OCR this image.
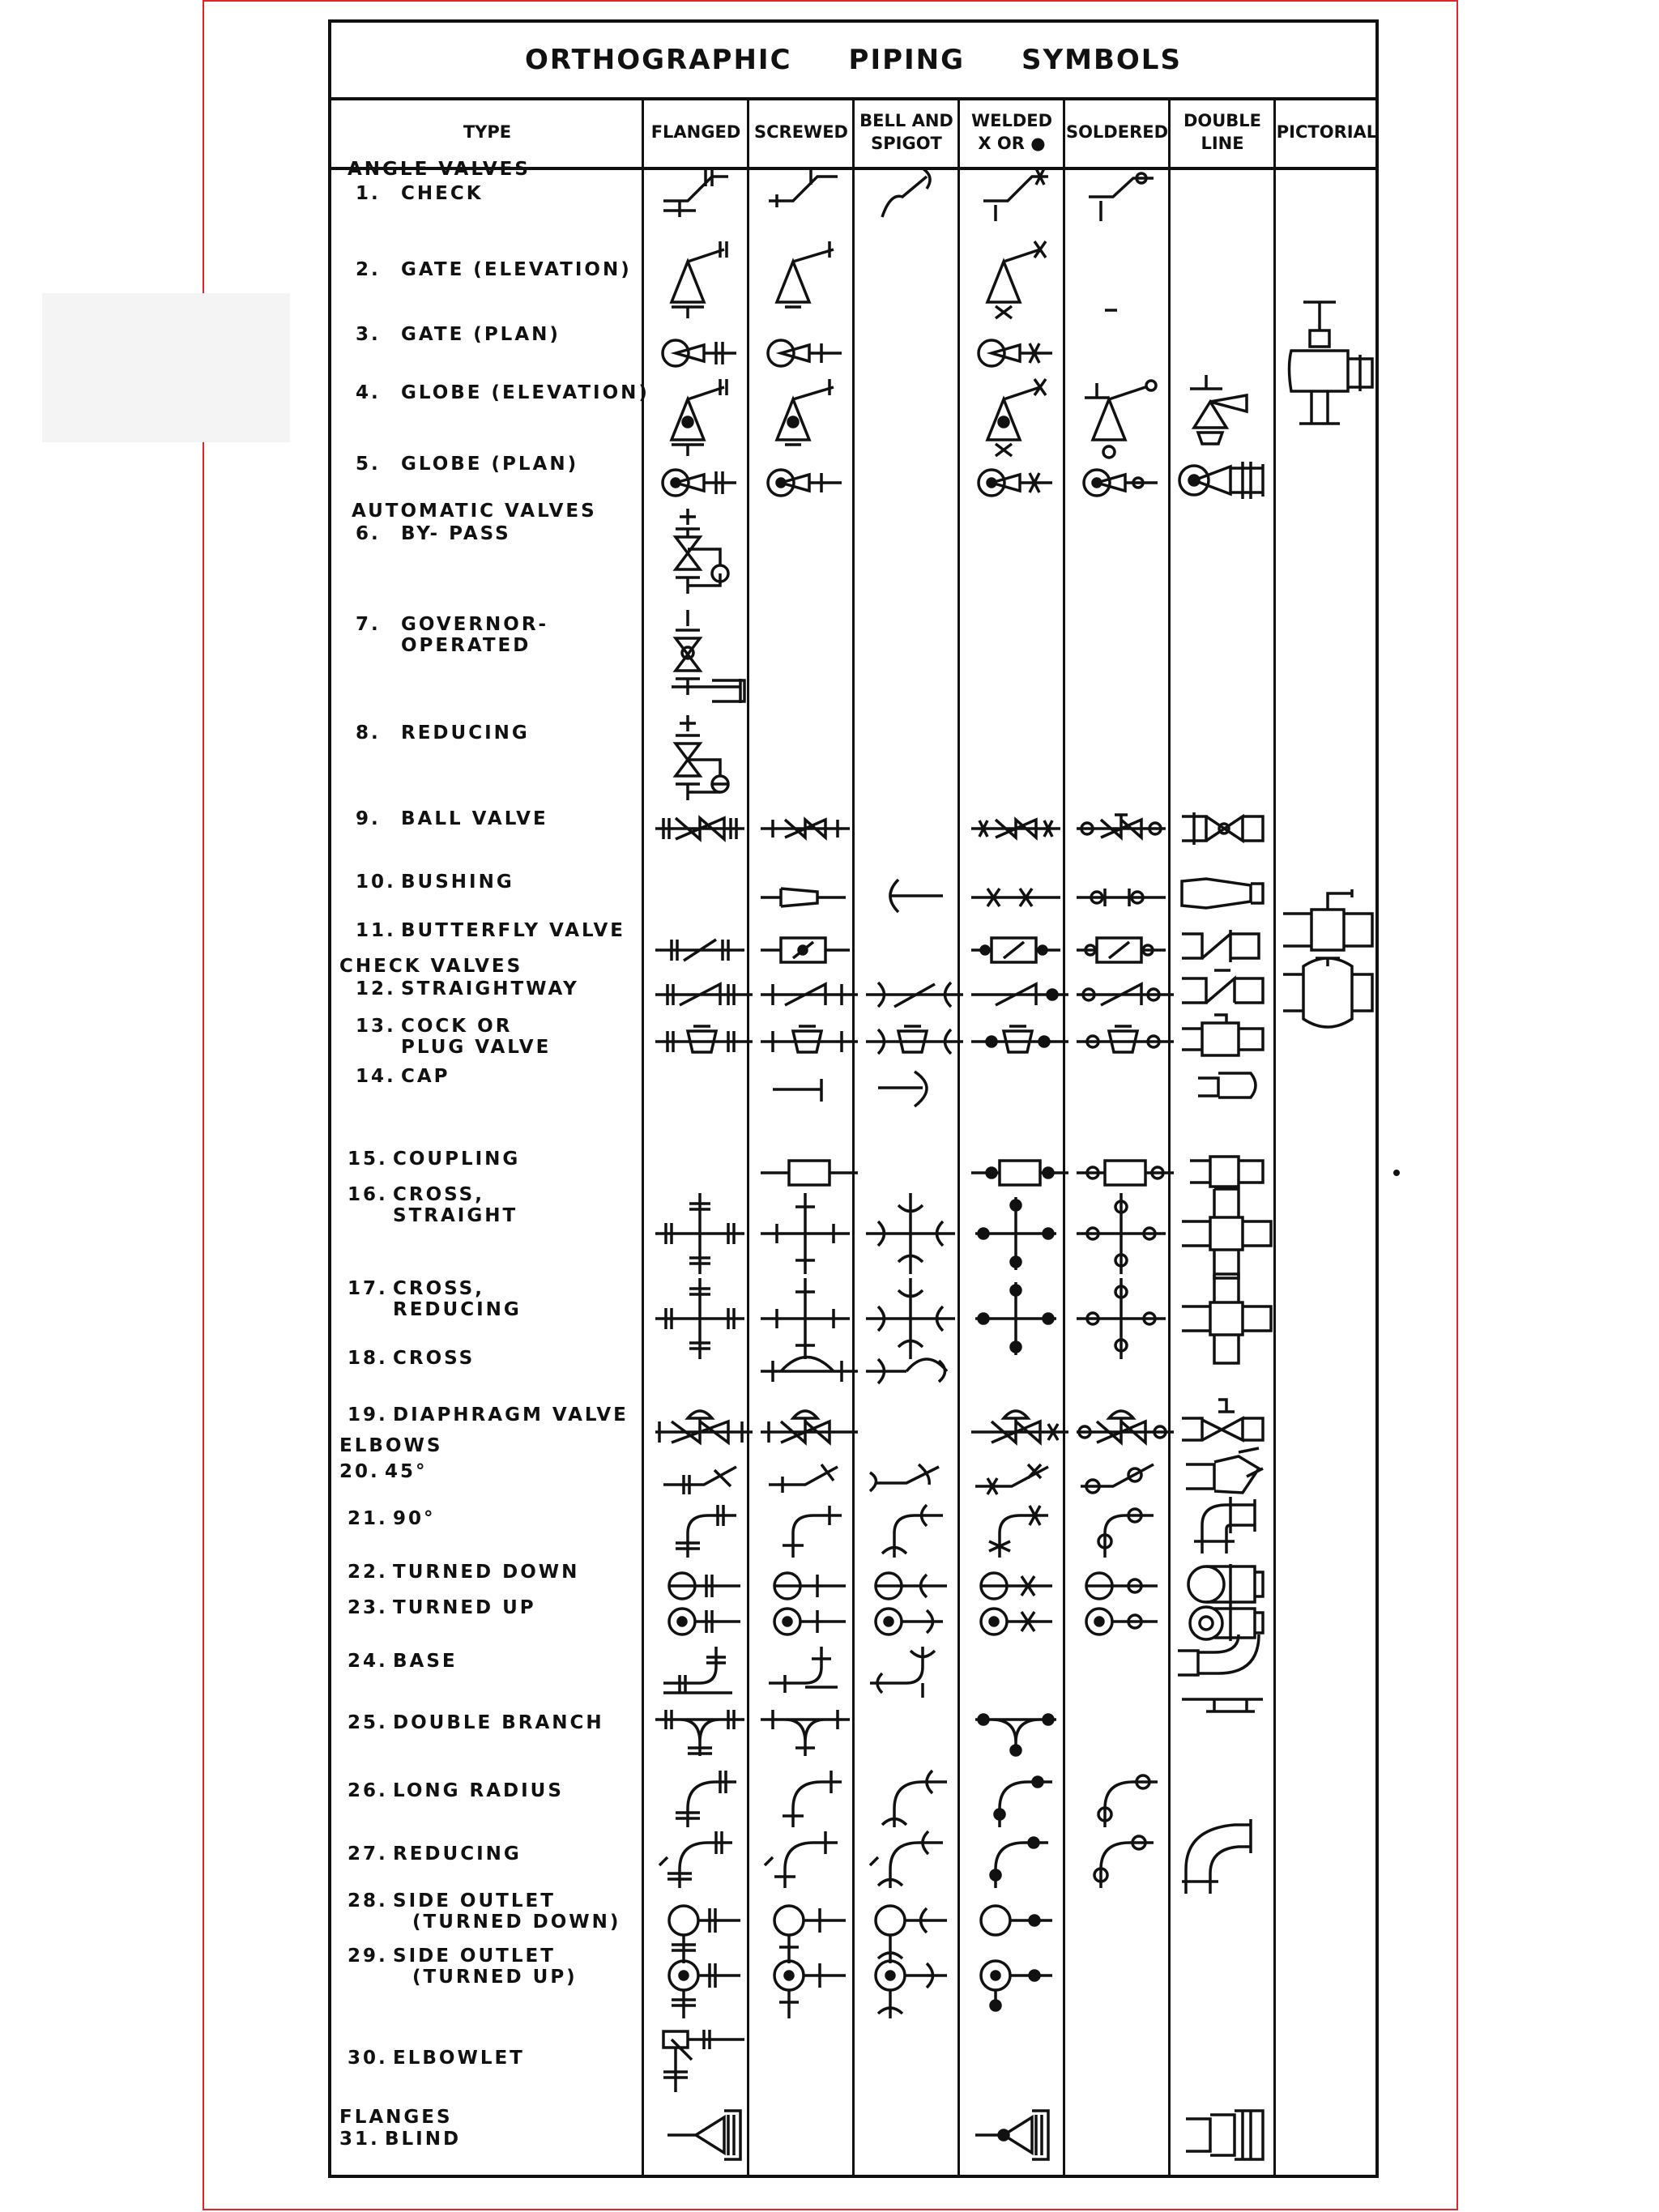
ORTHOGRAPHIC PIPING SYMBOLS
TYPE	FLANGED SCREWED
BELL AND
SPIGOT
WELDED
X OR ●
SOLDERED
DOUBLE
LINE
PICTORIAL
ANGLE VALVES
AUTOMATIC VALVES
CHECK VALVES
ELBOWS
FLANGES
1. CHECK
2. GATE (ELEVATION)
3. GATE (PLAN)
4. GLOBE (ELEVATION)
5. GLOBE (PLAN)
6. BY- PASS
7. GOVERNOR-
OPERATED
8. REDUCING
9. BALL VALVE
10. BUSHING
11. BUTTERFLY VALVE
12. STRAIGHTWAY
13. COCK OR
PLUG VALVE
14. CAP
15. COUPLING
16. CROSS,
STRAIGHT
17. CROSS,
REDUCING
18. CROSS
19. DIAPHRAGM VALVE
20. 45°
21. 90°
22. TURNED DOWN
23. TURNED UP
24. BASE
25. DOUBLE BRANCH
26. LONG RADIUS
27. REDUCING
28. SIDE OUTLET
(TURNED DOWN)
29. SIDE OUTLET
(TURNED UP)
30. ELBOWLET
31. BLIND
